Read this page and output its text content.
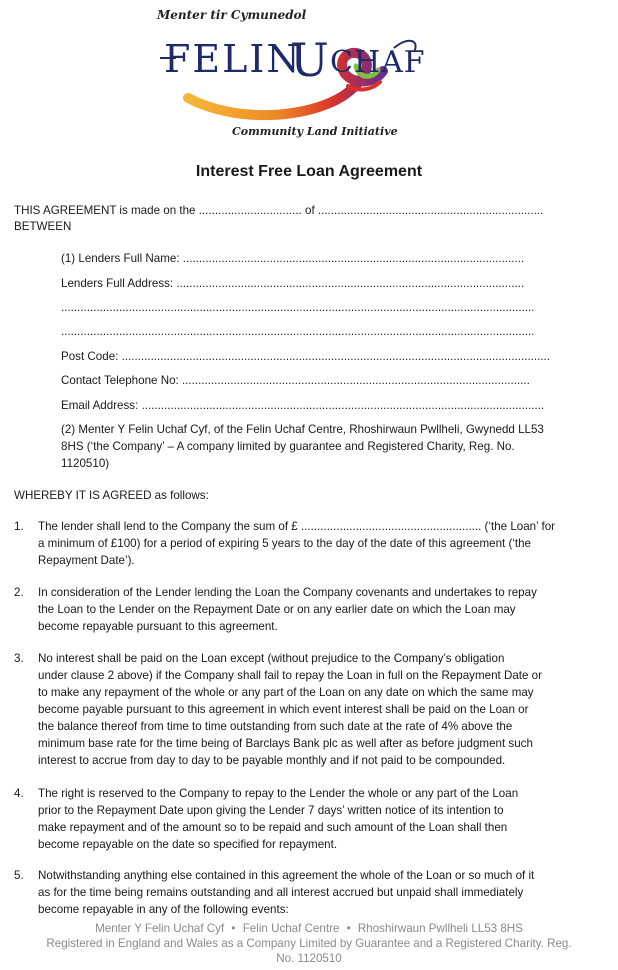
Menter tir Cymunedol
FELIN
U CHAF
Community Land Initiative
Interest Free Loan Agreement
THIS AGREEMENT is made on the ................................ of ......................................................................
BETWEEN
(1) Lenders Full Name: ..........................................................................................................
Lenders Full Address: ............................................................................................................
...................................................................................................................................................
...................................................................................................................................................
Post Code: .....................................................................................................................................
Contact Telephone No: ............................................................................................................
Email Address: .............................................................................................................................
(2) Menter Y Felin Uchaf Cyf, of the Felin Uchaf Centre, Rhoshirwaun Pwllheli, Gwynedd LL53
8HS (‘the Company’ – A company limited by guarantee and Registered Charity, Reg. No.
1120510)
WHEREBY IT IS AGREED as follows:
1. The lender shall lend to the Company the sum of £ ........................................................ (‘the Loan’ for
a minimum of £100) for a period of expiring 5 years to the day of the date of this agreement (‘the
Repayment Date’).
2. In consideration of the Lender lending the Loan the Company covenants and undertakes to repay
the Loan to the Lender on the Repayment Date or on any earlier date on which the Loan may
become repayable pursuant to this agreement.
3. No interest shall be paid on the Loan except (without prejudice to the Company’s obligation
under clause 2 above) if the Company shall fail to repay the Loan in full on the Repayment Date or
to make any repayment of the whole or any part of the Loan on any date on which the same may
become payable pursuant to this agreement in which event interest shall be paid on the Loan or
the balance thereof from time to time outstanding from such date at the rate of 4% above the
minimum base rate for the time being of Barclays Bank plc as well after as before judgment such
interest to accrue from day to day to be payable monthly and if not paid to be compounded.
4. The right is reserved to the Company to repay to the Lender the whole or any part of the Loan
prior to the Repayment Date upon giving the Lender 7 days’ written notice of its intention to
make repayment and of the amount so to be repaid and such amount of the Loan shall then
become repayable on the date so specified for repayment.
5. Notwithstanding anything else contained in this agreement the whole of the Loan or so much of it
as for the time being remains outstanding and all interest accrued but unpaid shall immediately
become repayable in any of the following events:
Menter Y Felin Uchaf Cyf • Felin Uchaf Centre • Rhoshirwaun Pwllheli LL53 8HS
Registered in England and Wales as a Company Limited by Guarantee and a Registered Charity. Reg.
No. 1120510
